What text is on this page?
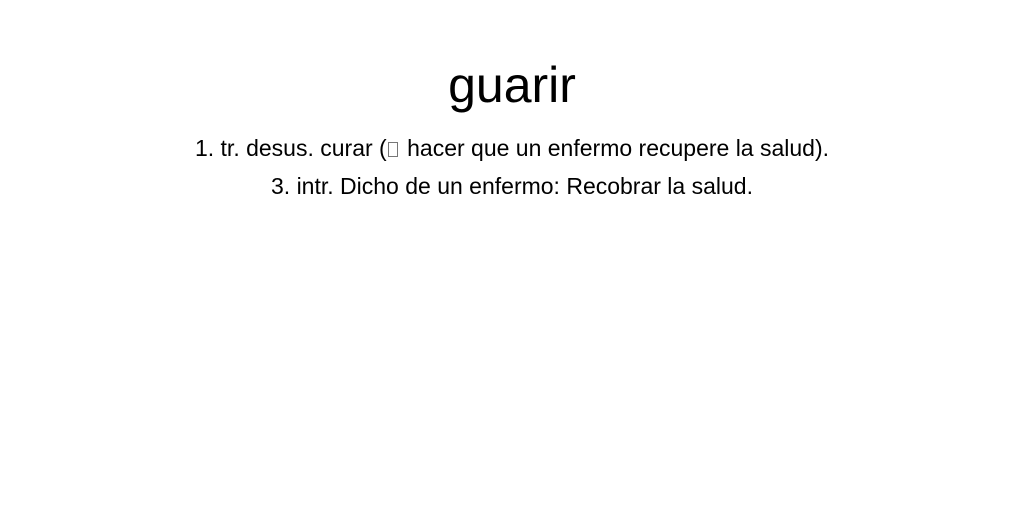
guarir
1. tr. desus. curar ( hacer que un enfermo recupere la salud).
3. intr. Dicho de un enfermo: Recobrar la salud.
